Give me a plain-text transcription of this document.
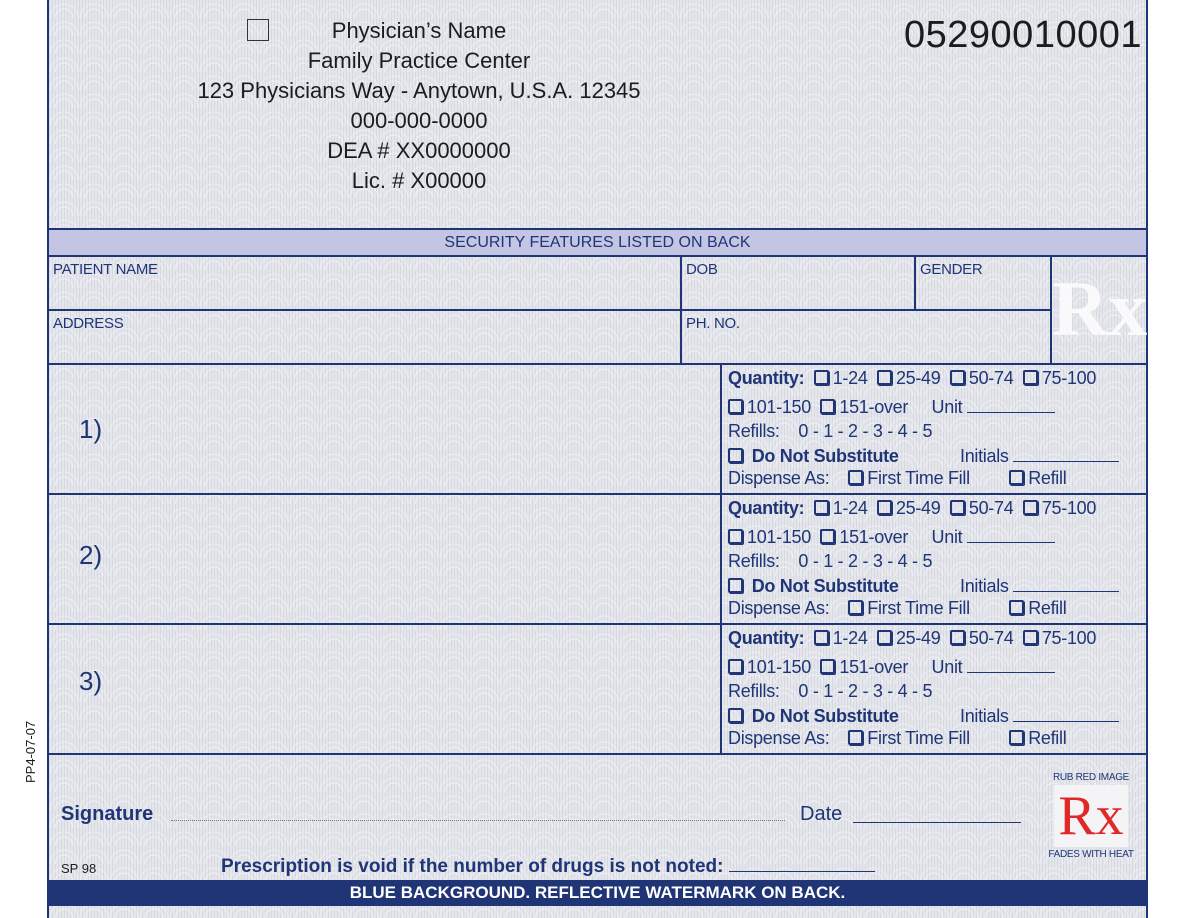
PP4-07-07
Physician’s Name
Family Practice Center
123 Physicians Way - Anytown, U.S.A. 12345
000-000-0000
DEA # XX0000000
Lic. # X00000
05290010001
SECURITY FEATURES LISTED ON BACK
PATIENT NAME	DOB	GENDER
ADDRESS	PH. NO.	Rx
1)
Quantity: 1-24 25-49 50-74 75-100
101-150 151-over Unit
Refills: 0 - 1 - 2 - 3 - 4 - 5
Do Not Substitute	Initials
Dispense As: First Time Fill	Refill
2)
Quantity: 1-24 25-49 50-74 75-100
101-150 151-over Unit
Refills: 0 - 1 - 2 - 3 - 4 - 5
Do Not Substitute	Initials
Dispense As: First Time Fill	Refill
3)
Quantity: 1-24 25-49 50-74 75-100
101-150 151-over Unit
Refills: 0 - 1 - 2 - 3 - 4 - 5
Do Not Substitute	Initials
Dispense As: First Time Fill	Refill
Signature	Date
RUB RED IMAGE
Rx
FADES WITH HEAT
SP 98	Prescription is void if the number of drugs is not noted:
BLUE BACKGROUND. REFLECTIVE WATERMARK ON BACK.
